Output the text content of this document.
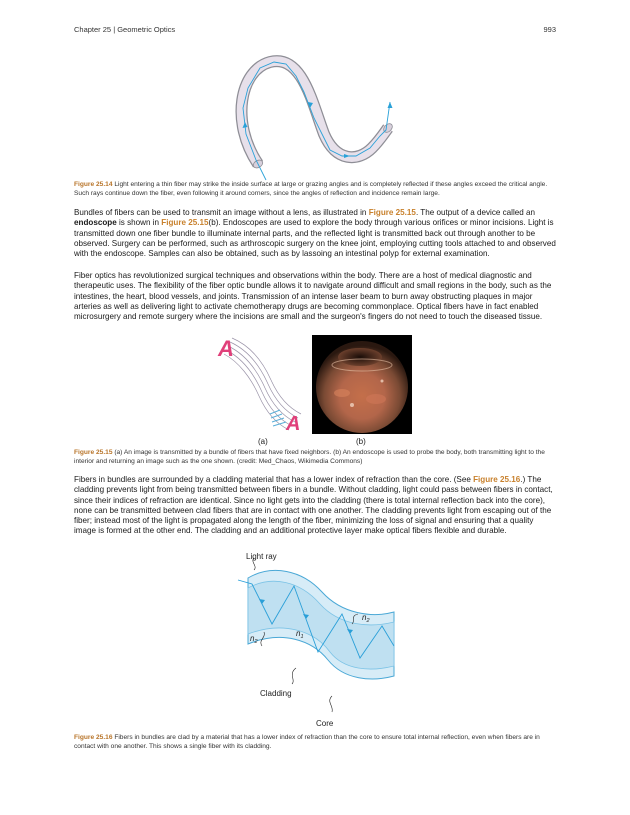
Chapter 25 | Geometric Optics	993
Figure 25.14 Light entering a thin fiber may strike the inside surface at large or grazing angles and is completely reflected if these angles exceed the critical angle. Such rays continue down the fiber, even following it around corners, since the angles of reflection and incidence remain large.

Bundles of fibers can be used to transmit an image without a lens, as illustrated in Figure 25.15. The output of a device called an endoscope is shown in Figure 25.15(b). Endoscopes are used to explore the body through various orifices or minor incisions. Light is transmitted down one fiber bundle to illuminate internal parts, and the reflected light is transmitted back out through another to be observed. Surgery can be performed, such as arthroscopic surgery on the knee joint, employing cutting tools attached to and observed with the endoscope. Samples can also be obtained, such as by lassoing an intestinal polyp for external examination.

Fiber optics has revolutionized surgical techniques and observations within the body. There are a host of medical diagnostic and therapeutic uses. The flexibility of the fiber optic bundle allows it to navigate around difficult and small regions in the body, such as the intestines, the heart, blood vessels, and joints. Transmission of an intense laser beam to burn away obstructing plaques in major arteries as well as delivering light to activate chemotherapy drugs are becoming commonplace. Optical fibers have in fact enabled microsurgery and remote surgery where the incisions are small and the surgeon's fingers do not need to touch the diseased tissue.

A
A
(a)	(b)
Figure 25.15 (a) An image is transmitted by a bundle of fibers that have fixed neighbors. (b) An endoscope is used to probe the body, both transmitting light to the interior and returning an image such as the one shown. (credit: Med_Chaos, Wikimedia Commons)

Fibers in bundles are surrounded by a cladding material that has a lower index of refraction than the core. (See Figure 25.16.) The cladding prevents light from being transmitted between fibers in a bundle. Without cladding, light could pass between fibers in contact, since their indices of refraction are identical. Since no light gets into the cladding (there is total internal reflection back into the core), none can be transmitted between clad fibers that are in contact with one another. The cladding prevents light from escaping out of the fiber; instead most of the light is propagated along the length of the fiber, minimizing the loss of signal and ensuring that a quality image is formed at the other end. The cladding and an additional protective layer make optical fibers flexible and durable.

Light ray
$n_2$
$n_1$
$n_2$
Cladding
Core
Figure 25.16 Fibers in bundles are clad by a material that has a lower index of refraction than the core to ensure total internal reflection, even when fibers are in contact with one another. This shows a single fiber with its cladding.
